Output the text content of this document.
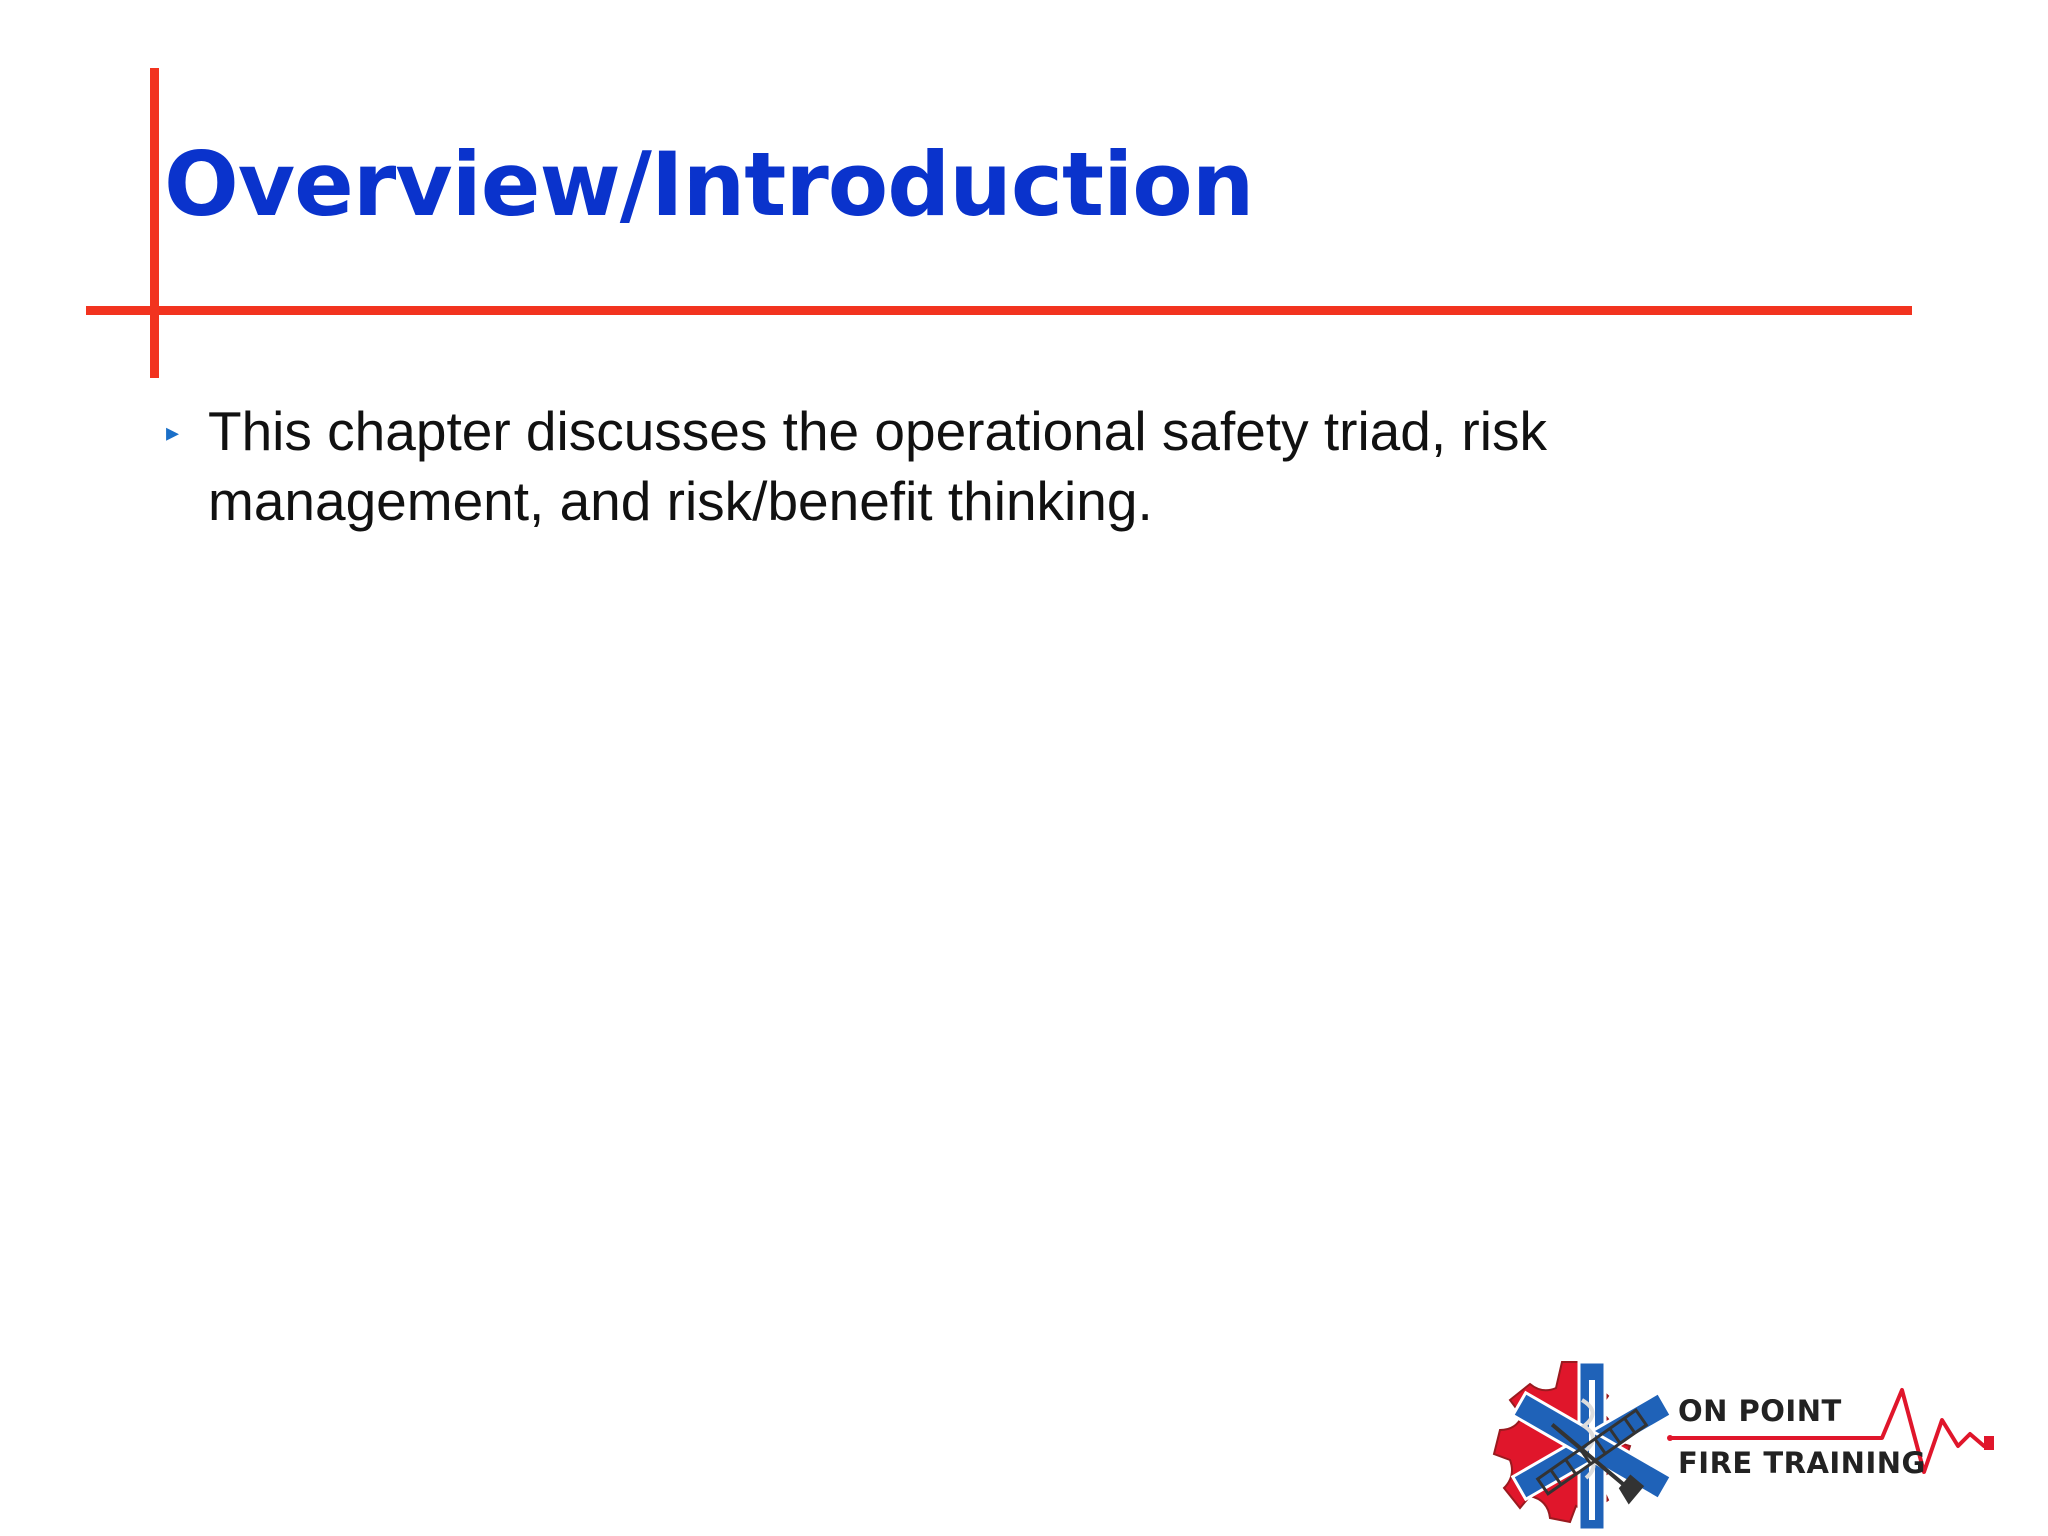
Overview/Introduction
▸ This chapter discusses the operational safety triad, risk management, and risk/benefit thinking.
ON POINT
FIRE TRAINING
